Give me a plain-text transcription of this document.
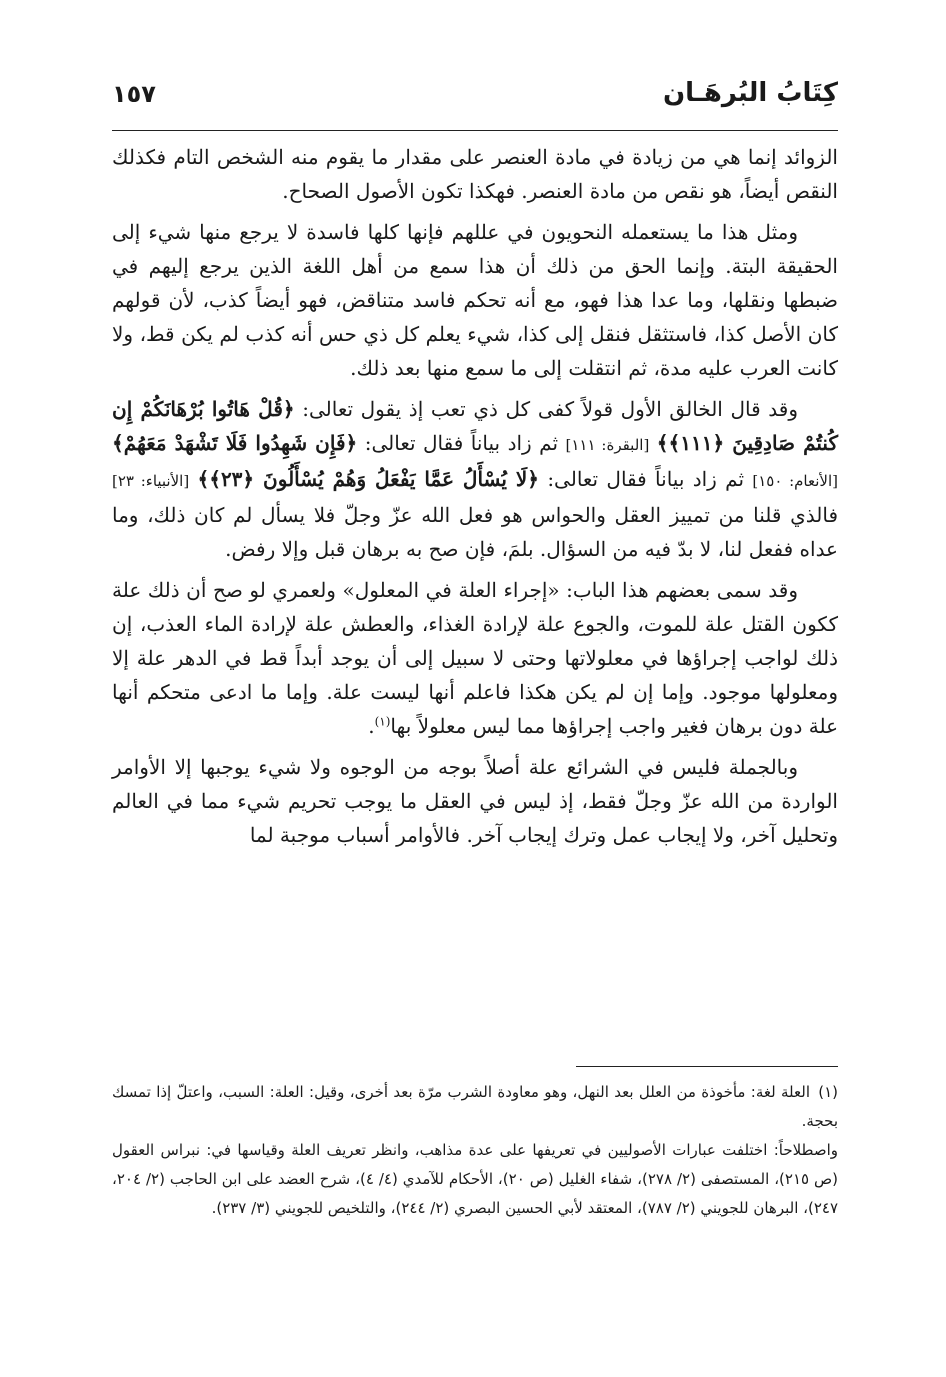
كِتَابُ البُرهَـان
١٥٧

الزوائد إنما هي من زيادة في مادة العنصر على مقدار ما يقوم منه الشخص التام فكذلك النقص أيضاً، هو نقص من مادة العنصر. فهكذا تكون الأصول الصحاح.

ومثل هذا ما يستعمله النحويون في عللهم فإنها كلها فاسدة لا يرجع منها شيء إلى الحقيقة البتة. وإنما الحق من ذلك أن هذا سمع من أهل اللغة الذين يرجع إليهم في ضبطها ونقلها، وما عدا هذا فهو، مع أنه تحكم فاسد متناقض، فهو أيضاً كذب، لأن قولهم كان الأصل كذا، فاستثقل فنقل إلى كذا، شيء يعلم كل ذي حس أنه كذب لم يكن قط، ولا كانت العرب عليه مدة، ثم انتقلت إلى ما سمع منها بعد ذلك.

وقد قال الخالق الأول قولاً كفى كل ذي تعب إذ يقول تعالى: ﴿قُلْ هَاتُوا بُرْهَانَكُمْ إِن كُنتُمْ صَادِقِينَ ﴿١١١﴾﴾ [البقرة: ١١١] ثم زاد بياناً فقال تعالى: ﴿فَإِن شَهِدُوا فَلَا تَشْهَدْ مَعَهُمْ﴾ [الأنعام: ١٥٠] ثم زاد بياناً فقال تعالى: ﴿لَا يُسْأَلُ عَمَّا يَفْعَلُ وَهُمْ يُسْأَلُونَ ﴿٢٣﴾﴾ [الأنبياء: ٢٣] فالذي قلنا من تمييز العقل والحواس هو فعل الله عزّ وجلّ فلا يسأل لم كان ذلك، وما عداه ففعل لنا، لا بدّ فيه من السؤال. بلمَ، فإن صح به برهان قبل وإلا رفض.

وقد سمى بعضهم هذا الباب: «إجراء العلة في المعلول» ولعمري لو صح أن ذلك علة ككون القتل علة للموت، والجوع علة لإرادة الغذاء، والعطش علة لإرادة الماء العذب، إن ذلك لواجب إجراؤها في معلولاتها وحتى لا سبيل إلى أن يوجد أبداً قط في الدهر علة إلا ومعلولها موجود. وإما إن لم يكن هكذا فاعلم أنها ليست علة. وإما ما ادعى متحكم أنها علة دون برهان فغير واجب إجراؤها مما ليس معلولاً بها$^{(١)}$.

وبالجملة فليس في الشرائع علة أصلاً بوجه من الوجوه ولا شيء يوجبها إلا الأوامر الواردة من الله عزّ وجلّ فقط، إذ ليس في العقل ما يوجب تحريم شيء مما في العالم وتحليل آخر، ولا إيجاب عمل وترك إيجاب آخر. فالأوامر أسباب موجبة لما

(١)العلة لغة: مأخوذة من العلل بعد النهل، وهو معاودة الشرب مرّة بعد أخرى، وقيل: العلة: السبب، واعتلّ إذا تمسك بحجة.

واصطلاحاً: اختلفت عبارات الأصوليين في تعريفها على عدة مذاهب، وانظر تعريف العلة وقياسها في: نبراس العقول (ص ٢١٥)، المستصفى (٢/ ٢٧٨)، شفاء الغليل (ص ٢٠)، الأحكام للآمدي (٤/ ٤)، شرح العضد على ابن الحاجب (٢/ ٢٠٤، ٢٤٧)، البرهان للجويني (٢/ ٧٨٧)، المعتقد لأبي الحسين البصري (٢/ ٢٤٤)، والتلخيص للجويني (٣/ ٢٣٧).
